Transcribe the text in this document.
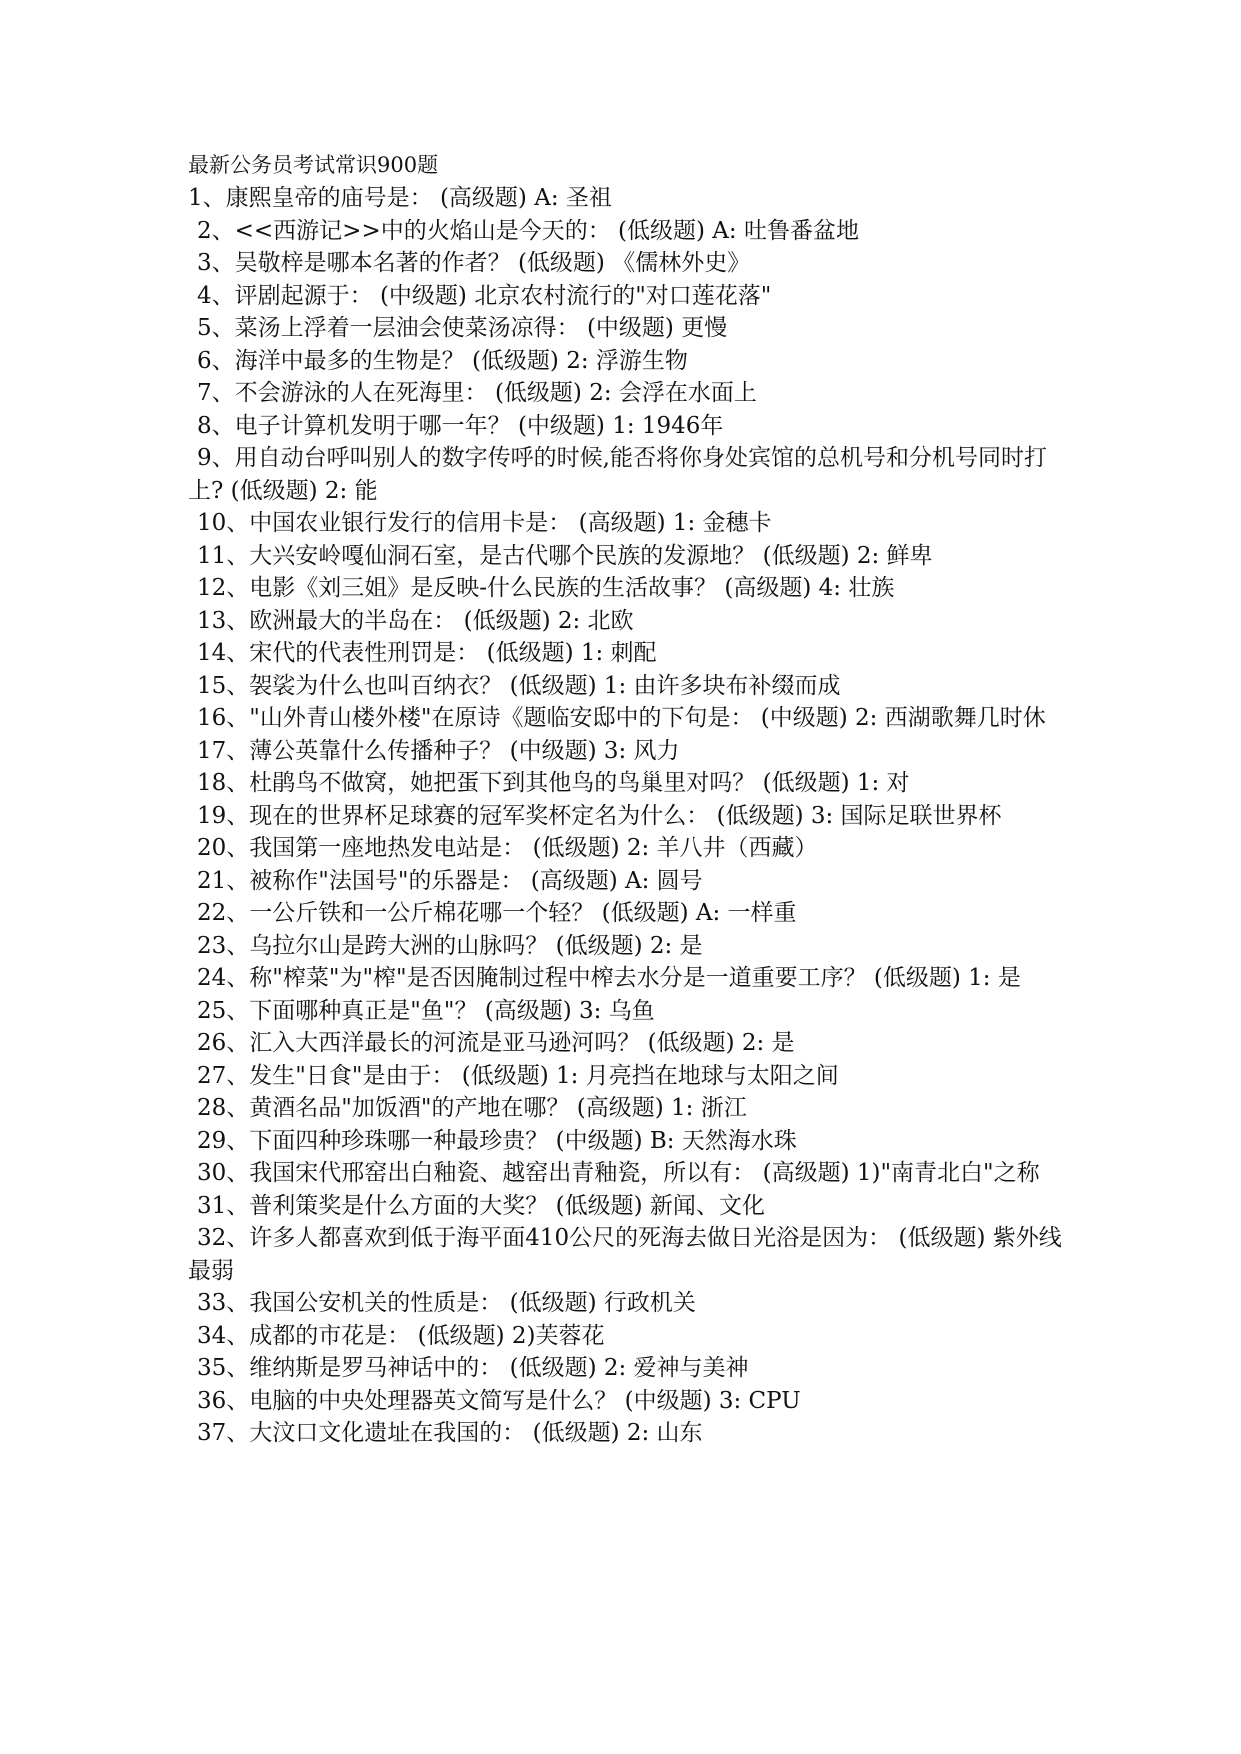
最新公务员考试常识900题
1、康熙皇帝的庙号是： (高级题) A: 圣祖
2、<<西游记>>中的火焰山是今天的： (低级题) A: 吐鲁番盆地
3、吴敬梓是哪本名著的作者？ (低级题) 《儒林外史》
4、评剧起源于： (中级题) 北京农村流行的"对口莲花落"
5、菜汤上浮着一层油会使菜汤凉得： (中级题) 更慢
6、海洋中最多的生物是？ (低级题) 2: 浮游生物
7、不会游泳的人在死海里： (低级题) 2: 会浮在水面上
8、电子计算机发明于哪一年？ (中级题) 1: 1946年
9、用自动台呼叫别人的数字传呼的时候,能否将你身处宾馆的总机号和分机号同时打上? (低级题) 2: 能
10、中国农业银行发行的信用卡是： (高级题) 1: 金穗卡
11、大兴安岭嘎仙洞石室，是古代哪个民族的发源地？ (低级题) 2: 鲜卑
12、电影《刘三姐》是反映-什么民族的生活故事？ (高级题) 4: 壮族
13、欧洲最大的半岛在： (低级题) 2: 北欧
14、宋代的代表性刑罚是： (低级题) 1: 刺配
15、袈裟为什么也叫百纳衣？ (低级题) 1: 由许多块布补缀而成
16、"山外青山楼外楼"在原诗《题临安邸中的下句是： (中级题) 2: 西湖歌舞几时休
17、薄公英靠什么传播种子？ (中级题) 3: 风力
18、杜鹃鸟不做窝，她把蛋下到其他鸟的鸟巢里对吗？ (低级题) 1: 对
19、现在的世界杯足球赛的冠军奖杯定名为什么： (低级题) 3: 国际足联世界杯
20、我国第一座地热发电站是： (低级题) 2: 羊八井（西藏）
21、被称作"法国号"的乐器是： (高级题) A: 圆号
22、一公斤铁和一公斤棉花哪一个轻？ (低级题) A: 一样重
23、乌拉尔山是跨大洲的山脉吗？ (低级题) 2: 是
24、称"榨菜"为"榨"是否因腌制过程中榨去水分是一道重要工序？ (低级题) 1: 是
25、下面哪种真正是"鱼"？ (高级题) 3: 乌鱼
26、汇入大西洋最长的河流是亚马逊河吗？ (低级题) 2: 是
27、发生"日食"是由于： (低级题) 1: 月亮挡在地球与太阳之间
28、黄酒名品"加饭酒"的产地在哪？ (高级题) 1: 浙江
29、下面四种珍珠哪一种最珍贵？ (中级题) B: 天然海水珠
30、我国宋代邢窑出白釉瓷、越窑出青釉瓷，所以有： (高级题) 1)"南青北白"之称
31、普利策奖是什么方面的大奖？ (低级题) 新闻、文化
32、许多人都喜欢到低于海平面410公尺的死海去做日光浴是因为： (低级题) 紫外线最弱
33、我国公安机关的性质是： (低级题) 行政机关
34、成都的市花是： (低级题) 2)芙蓉花
35、维纳斯是罗马神话中的： (低级题) 2: 爱神与美神
36、电脑的中央处理器英文简写是什么？ (中级题) 3: CPU
37、大汶口文化遗址在我国的： (低级题) 2: 山东
